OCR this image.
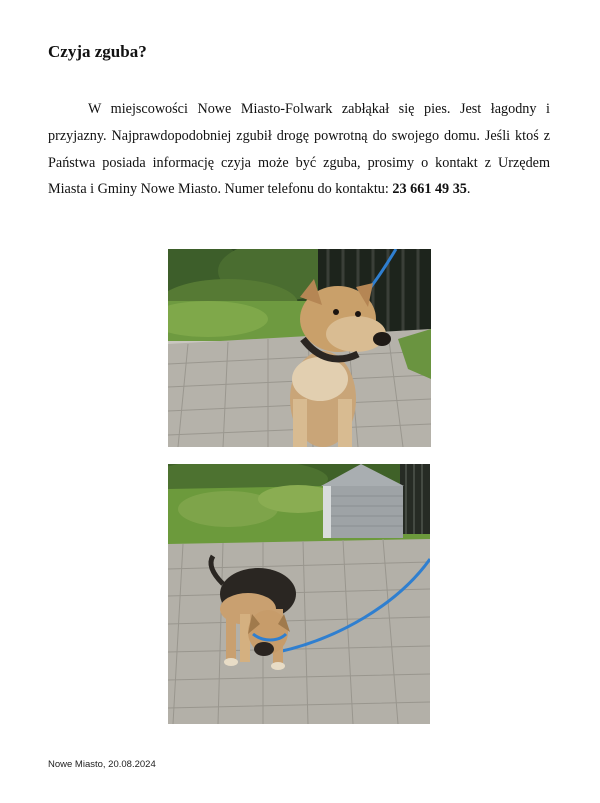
Czyja zguba?

W miejscowości Nowe Miasto-Folwark zabłąkał się pies. Jest łagodny i przyjazny. Najprawdopodobniej zgubił drogę powrotną do swojego domu. Jeśli ktoś z Państwa posiada informację czyja może być zguba, prosimy o kontakt z Urzędem Miasta i Gminy Nowe Miasto. Numer telefonu do kontaktu: 23 661 49 35.

Nowe Miasto, 20.08.2024
